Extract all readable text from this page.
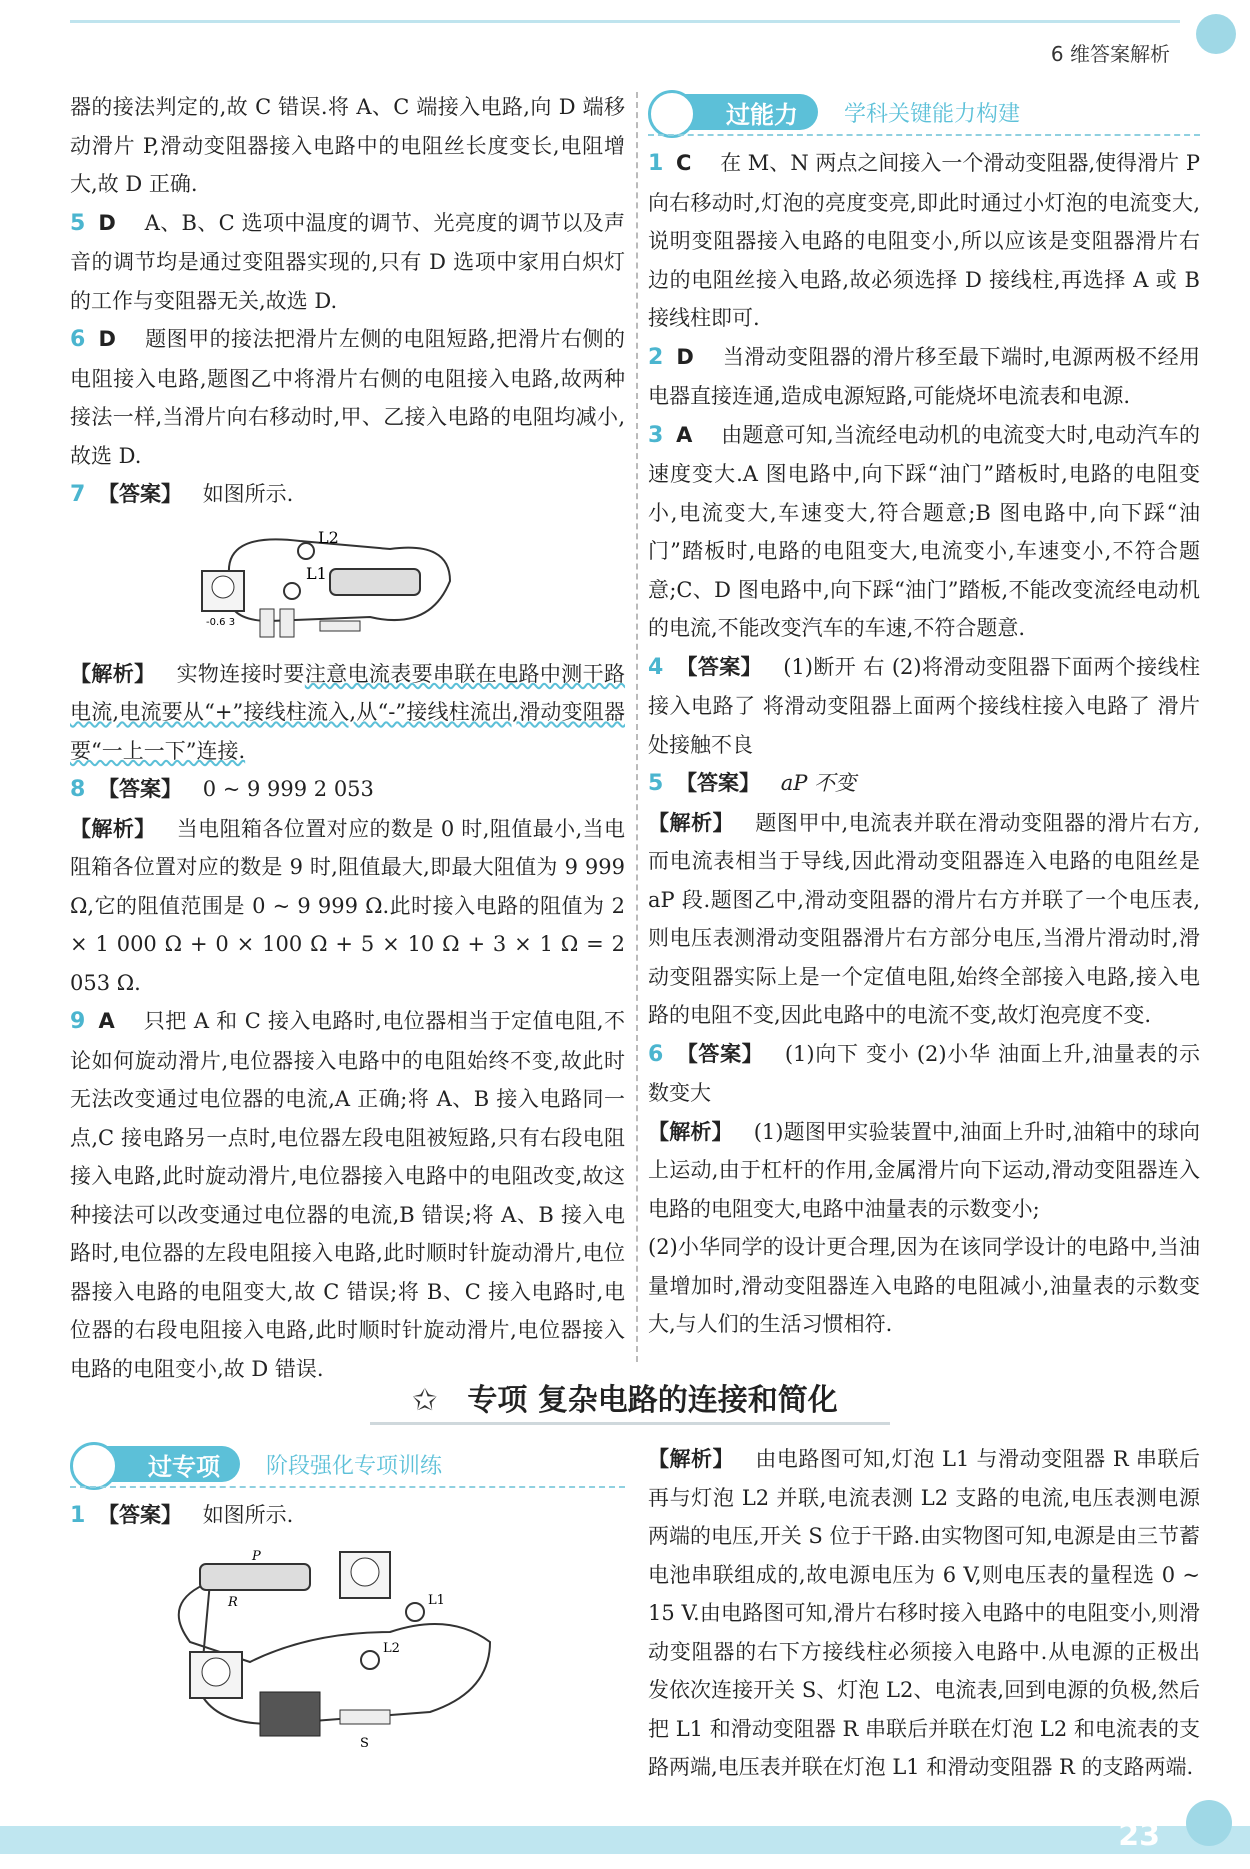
6 维答案解析

器的接法判定的,故 C 错误.将 A、C 端接入电路,向 D 端移动滑片 P,滑动变阻器接入电路中的电阻丝长度变长,电阻增大,故 D 正确.

5 D A、B、C 选项中温度的调节、光亮度的调节以及声音的调节均是通过变阻器实现的,只有 D 选项中家用白炽灯的工作与变阻器无关,故选 D.

6 D 题图甲的接法把滑片左侧的电阻短路,把滑片右侧的电阻接入电路,题图乙中将滑片右侧的电阻接入电路,故两种接法一样,当滑片向右移动时,甲、乙接入电路的电阻均减小,故选 D.

7 【答案】 如图所示.

-0.6 3
L2
L1

【解析】 实物连接时要注意电流表要串联在电路中测干路电流,电流要从“+”接线柱流入,从“-”接线柱流出,滑动变阻器要“一上一下”连接.

8 【答案】 0 ~ 9 999 2 053

【解析】 当电阻箱各位置对应的数是 0 时,阻值最小,当电阻箱各位置对应的数是 9 时,阻值最大,即最大阻值为 9 999 Ω,它的阻值范围是 0 ~ 9 999 Ω.此时接入电路的阻值为 2 × 1 000 Ω + 0 × 100 Ω + 5 × 10 Ω + 3 × 1 Ω = 2 053 Ω.

9 A 只把 A 和 C 接入电路时,电位器相当于定值电阻,不论如何旋动滑片,电位器接入电路中的电阻始终不变,故此时无法改变通过电位器的电流,A 正确;将 A、B 接入电路同一点,C 接电路另一点时,电位器左段电阻被短路,只有右段电阻接入电路,此时旋动滑片,电位器接入电路中的电阻改变,故这种接法可以改变通过电位器的电流,B 错误;将 A、B 接入电路时,电位器的左段电阻接入电路,此时顺时针旋动滑片,电位器接入电路的电阻变大,故 C 错误;将 B、C 接入电路时,电位器的右段电阻接入电路,此时顺时针旋动滑片,电位器接入电路的电阻变小,故 D 错误.

过能力 学科关键能力构建

1 C 在 M、N 两点之间接入一个滑动变阻器,使得滑片 P 向右移动时,灯泡的亮度变亮,即此时通过小灯泡的电流变大,说明变阻器接入电路的电阻变小,所以应该是变阻器滑片右边的电阻丝接入电路,故必须选择 D 接线柱,再选择 A 或 B 接线柱即可.

2 D 当滑动变阻器的滑片移至最下端时,电源两极不经用电器直接连通,造成电源短路,可能烧坏电流表和电源.

3 A 由题意可知,当流经电动机的电流变大时,电动汽车的速度变大.A 图电路中,向下踩“油门”踏板时,电路的电阻变小,电流变大,车速变大,符合题意;B 图电路中,向下踩“油门”踏板时,电路的电阻变大,电流变小,车速变小,不符合题意;C、D 图电路中,向下踩“油门”踏板,不能改变流经电动机的电流,不能改变汽车的车速,不符合题意.

4 【答案】 (1)断开 右 (2)将滑动变阻器下面两个接线柱接入电路了 将滑动变阻器上面两个接线柱接入电路了 滑片处接触不良

5 【答案】 aP 不变

【解析】 题图甲中,电流表并联在滑动变阻器的滑片右方,而电流表相当于导线,因此滑动变阻器连入电路的电阻丝是 aP 段.题图乙中,滑动变阻器的滑片右方并联了一个电压表,则电压表测滑动变阻器滑片右方部分电压,当滑片滑动时,滑动变阻器实际上是一个定值电阻,始终全部接入电路,接入电路的电阻不变,因此电路中的电流不变,故灯泡亮度不变.

6 【答案】 (1)向下 变小 (2)小华 油面上升,油量表的示数变大

【解析】 (1)题图甲实验装置中,油面上升时,油箱中的球向上运动,由于杠杆的作用,金属滑片向下运动,滑动变阻器连入电路的电阻变大,电路中油量表的示数变小;

(2)小华同学的设计更合理,因为在该同学设计的电路中,当油量增加时,滑动变阻器连入电路的电阻减小,油量表的示数变大,与人们的生活习惯相符.

✩ 专项 复杂电路的连接和简化
过专项 阶段强化专项训练

1 【答案】 如图所示.

P
R	L1
L2
S

【解析】 由电路图可知,灯泡 L1 与滑动变阻器 R 串联后再与灯泡 L2 并联,电流表测 L2 支路的电流,电压表测电源两端的电压,开关 S 位于干路.由实物图可知,电源是由三节蓄电池串联组成的,故电源电压为 6 V,则电压表的量程选 0 ~ 15 V.由电路图可知,滑片右移时接入电路中的电阻变小,则滑动变阻器的右下方接线柱必须接入电路中.从电源的正极出发依次连接开关 S、灯泡 L2、电流表,回到电源的负极,然后把 L1 和滑动变阻器 R 串联后并联在灯泡 L2 和电流表的支路两端,电压表并联在灯泡 L1 和滑动变阻器 R 的支路两端.

23
